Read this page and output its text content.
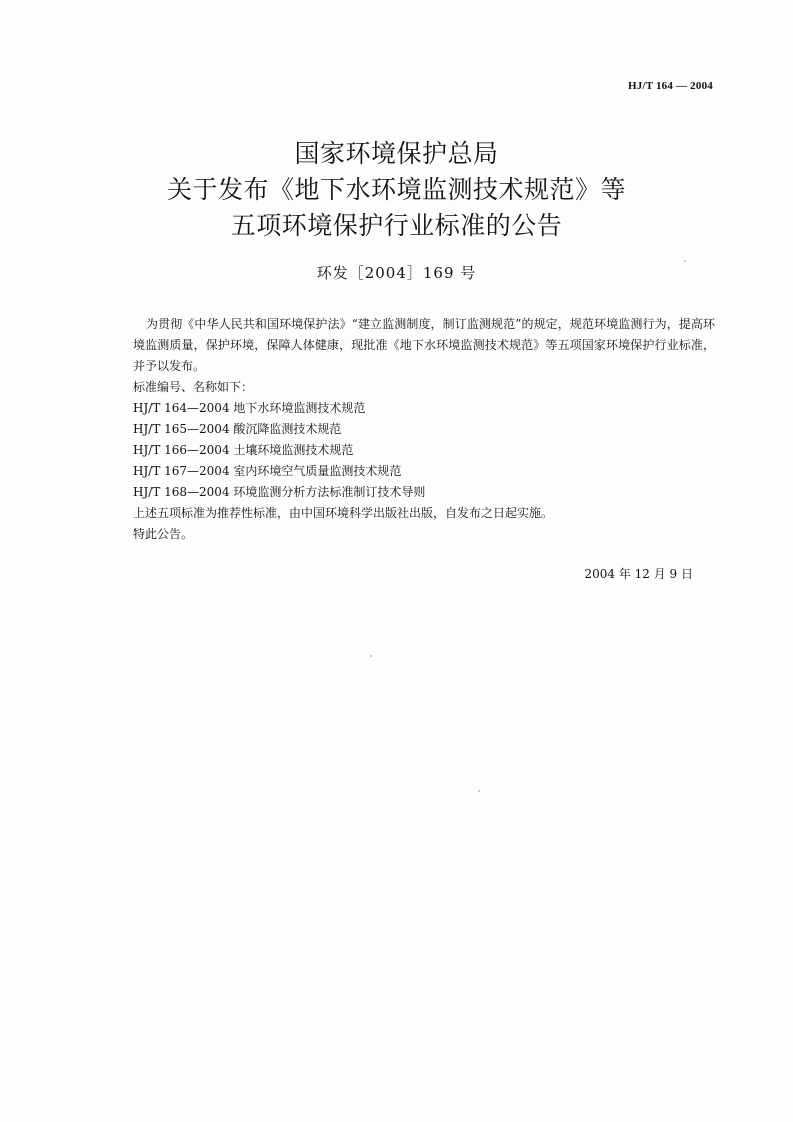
HJ/T 164 — 2004
国家环境保护总局
关于发布《地下水环境监测技术规范》等
五项环境保护行业标准的公告
环发［2004］169 号

为贯彻《中华人民共和国环境保护法》“建立监测制度，制订监测规范”的规定，规范环境监测行为，提高环境监测质量，保护环境，保障人体健康，现批准《地下水环境监测技术规范》等五项国家环境保护行业标准，并予以发布。

标准编号、名称如下：

HJ/T 164—2004 地下水环境监测技术规范
HJ/T 165—2004 酸沉降监测技术规范
HJ/T 166—2004 土壤环境监测技术规范
HJ/T 167—2004 室内环境空气质量监测技术规范
HJ/T 168—2004 环境监测分析方法标准制订技术导则

上述五项标准为推荐性标准，由中国环境科学出版社出版，自发布之日起实施。

特此公告。

2004 年 12 月 9 日
